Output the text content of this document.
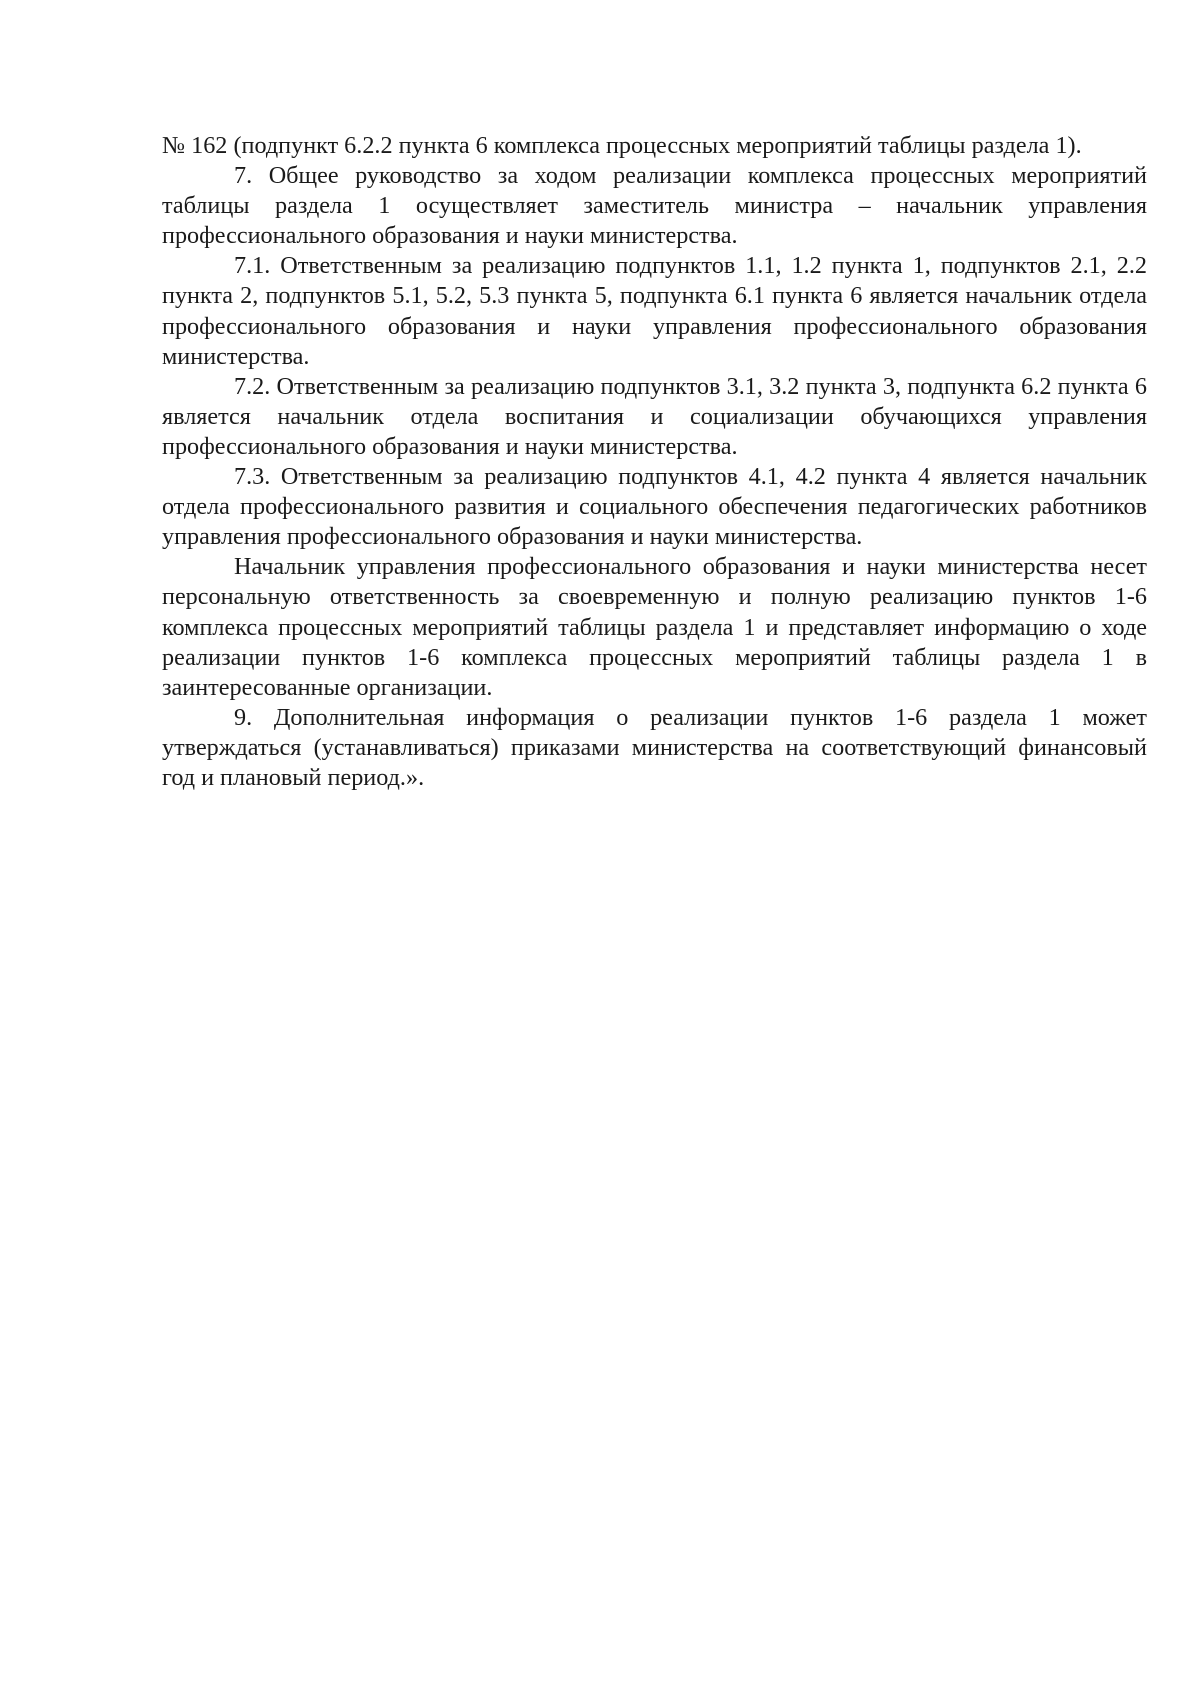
№ 162 (подпункт 6.2.2 пункта 6 комплекса процессных мероприятий таблицы раздела 1).

7. Общее руководство за ходом реализации комплекса процессных мероприятий таблицы раздела 1 осуществляет заместитель министра – начальник управления профессионального образования и науки министерства.

7.1. Ответственным за реализацию подпунктов 1.1, 1.2 пункта 1, подпунктов 2.1, 2.2 пункта 2, подпунктов 5.1, 5.2, 5.3 пункта 5, подпункта 6.1 пункта 6 является начальник отдела профессионального образования и науки управления профессионального образования министерства.

7.2. Ответственным за реализацию подпунктов 3.1, 3.2 пункта 3, подпункта 6.2 пункта 6 является начальник отдела воспитания и социализации обучающихся управления профессионального образования и науки министерства.

7.3. Ответственным за реализацию подпунктов 4.1, 4.2 пункта 4 является начальник отдела профессионального развития и социального обеспечения педагогических работников управления профессионального образования и науки министерства.

Начальник управления профессионального образования и науки министерства несет персональную ответственность за своевременную и полную реализацию пунктов 1-6 комплекса процессных мероприятий таблицы раздела 1 и представляет информацию о ходе реализации пунктов 1-6 комплекса процессных мероприятий таблицы раздела 1 в заинтересованные организации.

9. Дополнительная информация о реализации пунктов 1-6 раздела 1 может утверждаться (устанавливаться) приказами министерства на соответствующий финансовый год и плановый период.».
